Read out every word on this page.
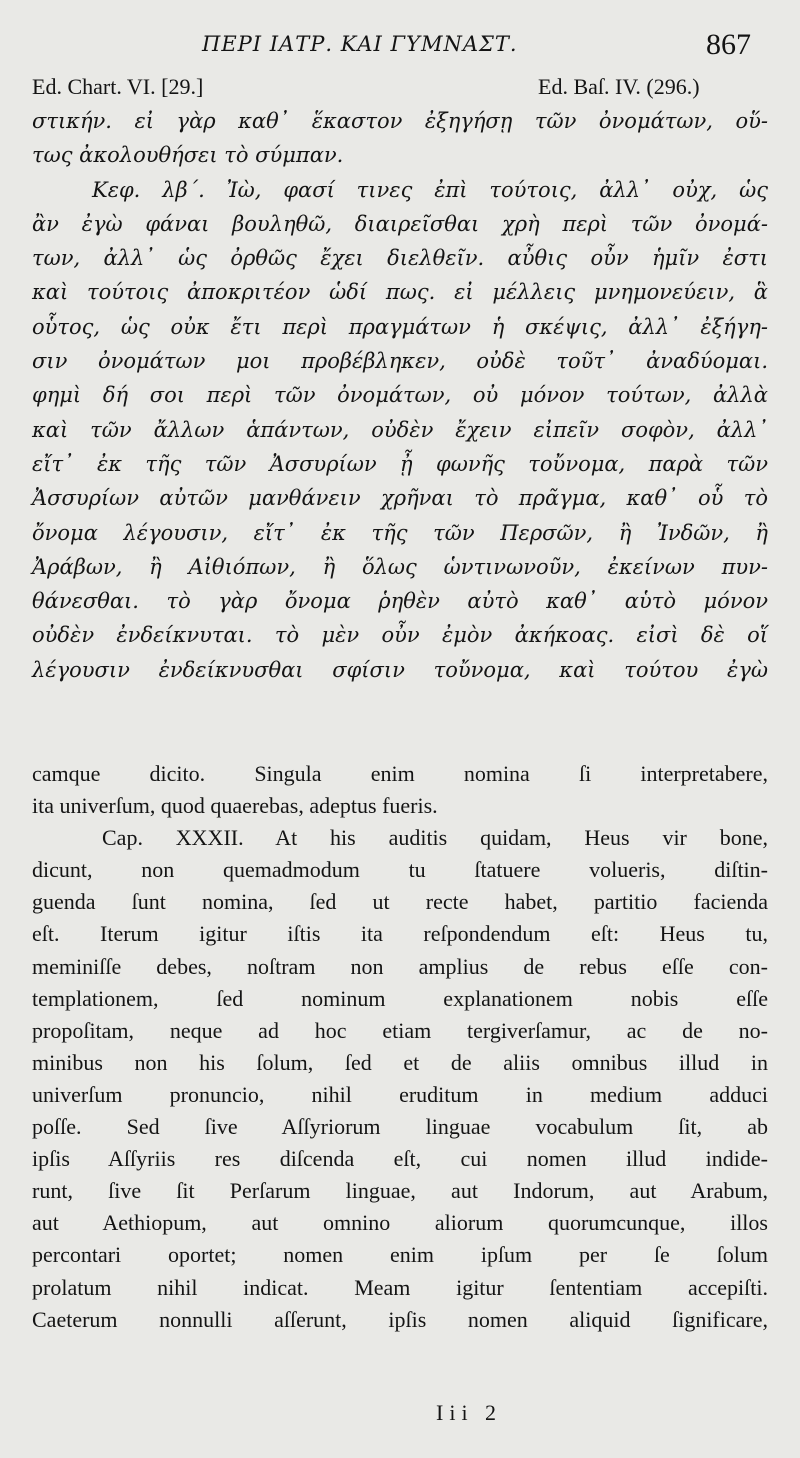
ΠΕΡΙ ΙΑΤΡ. ΚΑΙ ΓΥΜΝΑΣΤ.	867
Ed. Chart. VI. [29.]	Ed. Baſ. IV. (296.)
στικήν. εἰ γὰρ καθ᾽ ἕκαστον ἐξηγήσῃ τῶν ὀνομάτων, οὕ-
τως ἀκολουθήσει τὸ σύμπαν.
Κεφ. λβ΄. Ἰὼ, φασί τινες ἐπὶ τούτοις, ἀλλ᾽ οὐχ, ὡς
ἂν ἐγὼ φάναι βουληθῶ, διαιρεῖσθαι χρὴ περὶ τῶν ὀνομά-
των, ἀλλ᾽ ὡς ὀρθῶς ἔχει διελθεῖν. αὖθις οὖν ἡμῖν ἐστι
καὶ τούτοις ἀποκριτέον ὡδί πως. εἰ μέλλεις μνημονεύειν, ἃ
οὗτος, ὡς οὐκ ἔτι περὶ πραγμάτων ἡ σκέψις, ἀλλ᾽ ἐξήγη-
σιν ὀνομάτων μοι προβέβληκεν, οὐδὲ τοῦτ᾽ ἀναδύομαι.
φημὶ δή σοι περὶ τῶν ὀνομάτων, οὐ μόνον τούτων, ἀλλὰ
καὶ τῶν ἄλλων ἁπάντων, οὐδὲν ἔχειν εἰπεῖν σοφὸν, ἀλλ᾽
εἴτ᾽ ἐκ τῆς τῶν Ἀσσυρίων ᾖ φωνῆς τοὔνομα, παρὰ τῶν
Ἀσσυρίων αὐτῶν μανθάνειν χρῆναι τὸ πρᾶγμα, καθ᾽ οὗ τὸ
ὄνομα λέγουσιν, εἴτ᾽ ἐκ τῆς τῶν Περσῶν, ἢ Ἰνδῶν, ἢ
Ἀράβων, ἢ Αἰθιόπων, ἢ ὅλως ὡντινωνοῦν, ἐκείνων πυν-
θάνεσθαι. τὸ γὰρ ὄνομα ῥηθὲν αὐτὸ καθ᾽ αὑτὸ μόνον
οὐδὲν ἐνδείκνυται. τὸ μὲν οὖν ἐμὸν ἀκήκοας. εἰσὶ δὲ οἵ
λέγουσιν ἐνδείκνυσθαι σφίσιν τοὔνομα, καὶ τούτου ἐγὼ
camque dicito. Singula enim nomina ſi interpretabere,
ita univerſum, quod quaerebas, adeptus fueris.
Cap. XXXII. At his auditis quidam, Heus vir bone,
dicunt, non quemadmodum tu ſtatuere volueris, diſtin-
guenda ſunt nomina, ſed ut recte habet, partitio facienda
eſt. Iterum igitur iſtis ita reſpondendum eſt: Heus tu,
meminiſſe debes, noſtram non amplius de rebus eſſe con-
templationem, ſed nominum explanationem nobis eſſe
propoſitam, neque ad hoc etiam tergiverſamur, ac de no-
minibus non his ſolum, ſed et de aliis omnibus illud in
univerſum pronuncio, nihil eruditum in medium adduci
poſſe. Sed ſive Aſſyriorum linguae vocabulum ſit, ab
ipſis Aſſyriis res diſcenda eſt, cui nomen illud indide-
runt, ſive ſit Perſarum linguae, aut Indorum, aut Arabum,
aut Aethiopum, aut omnino aliorum quorumcunque, illos
percontari oportet; nomen enim ipſum per ſe ſolum
prolatum nihil indicat. Meam igitur ſententiam accepiſti.
Caeterum nonnulli aſſerunt, ipſis nomen aliquid ſignificare,
Iii 2
